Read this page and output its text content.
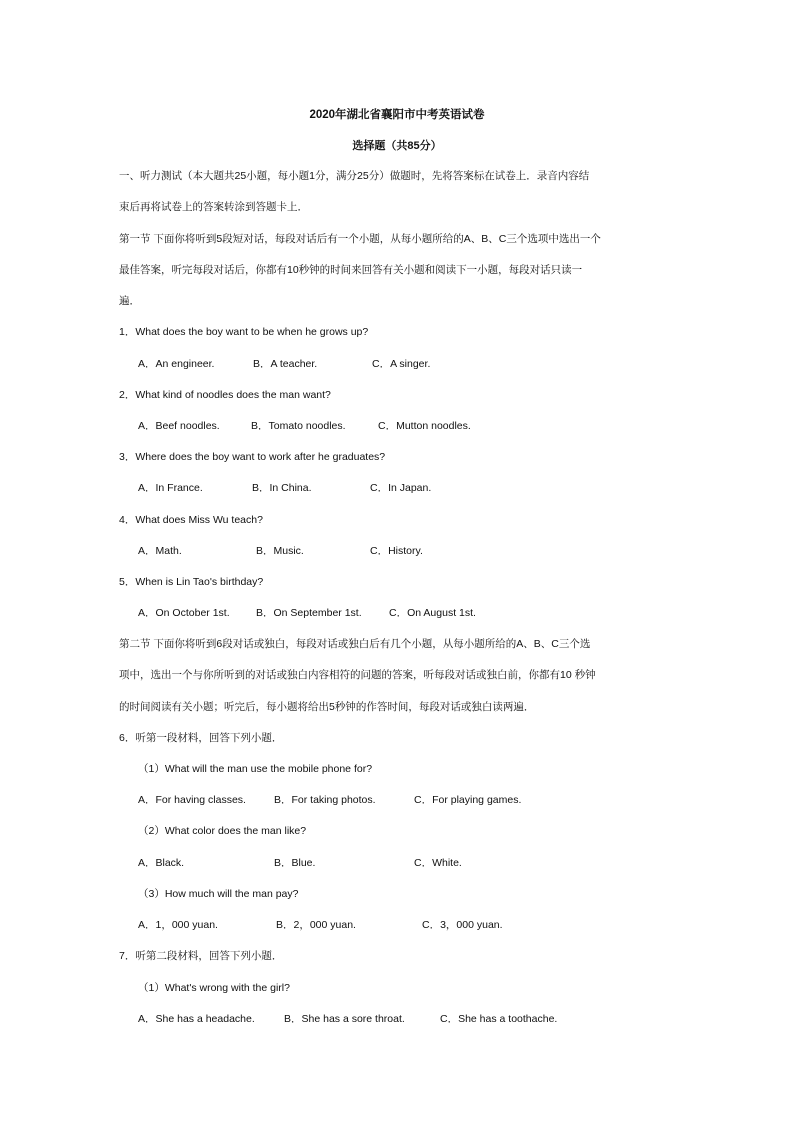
2020年湖北省襄阳市中考英语试卷
选择题（共85分）
一、听力测试（本大题共25小题，每小题1分，满分25分）做题时，先将答案标在试卷上．录音内容结
束后再将试卷上的答案转涂到答题卡上．
第一节 下面你将听到5段短对话，每段对话后有一个小题，从每小题所给的A、B、C三个选项中选出一个
最佳答案，听完每段对话后，你都有10秒钟的时间来回答有关小题和阅读下一小题，每段对话只读一
遍．
1．What does the boy want to be when he grows up?
A．An engineer.	B．A teacher.	C．A singer.
2．What kind of noodles does the man want?
A．Beef noodles.	B．Tomato noodles.	C．Mutton noodles.
3．Where does the boy want to work after he graduates?
A．In France.	B．In China.	C．In Japan.
4．What does Miss Wu teach?
A．Math.	B．Music.	C．History.
5．When is Lin Tao's birthday?
A．On October 1st.	B．On September 1st.	C．On August 1st.
第二节 下面你将听到6段对话或独白，每段对话或独白后有几个小题，从每小题所给的A、B、C三个选
项中，选出一个与你所听到的对话或独白内容相符的问题的答案，听每段对话或独白前，你都有10 秒钟
的时间阅读有关小题；听完后，每小题将给出5秒钟的作答时间，每段对话或独白读两遍．
6．听第一段材料，回答下列小题．
（1）What will the man use the mobile phone for?
A．For having classes.	B．For taking photos.	C．For playing games.
（2）What color does the man like?
A．Black.	B．Blue.	C．White.
（3）How much will the man pay?
A．1，000 yuan.	B．2，000 yuan.	C．3，000 yuan.
7．听第二段材料，回答下列小题．
（1）What's wrong with the girl?
A．She has a headache.	B．She has a sore throat.	C．She has a toothache.
